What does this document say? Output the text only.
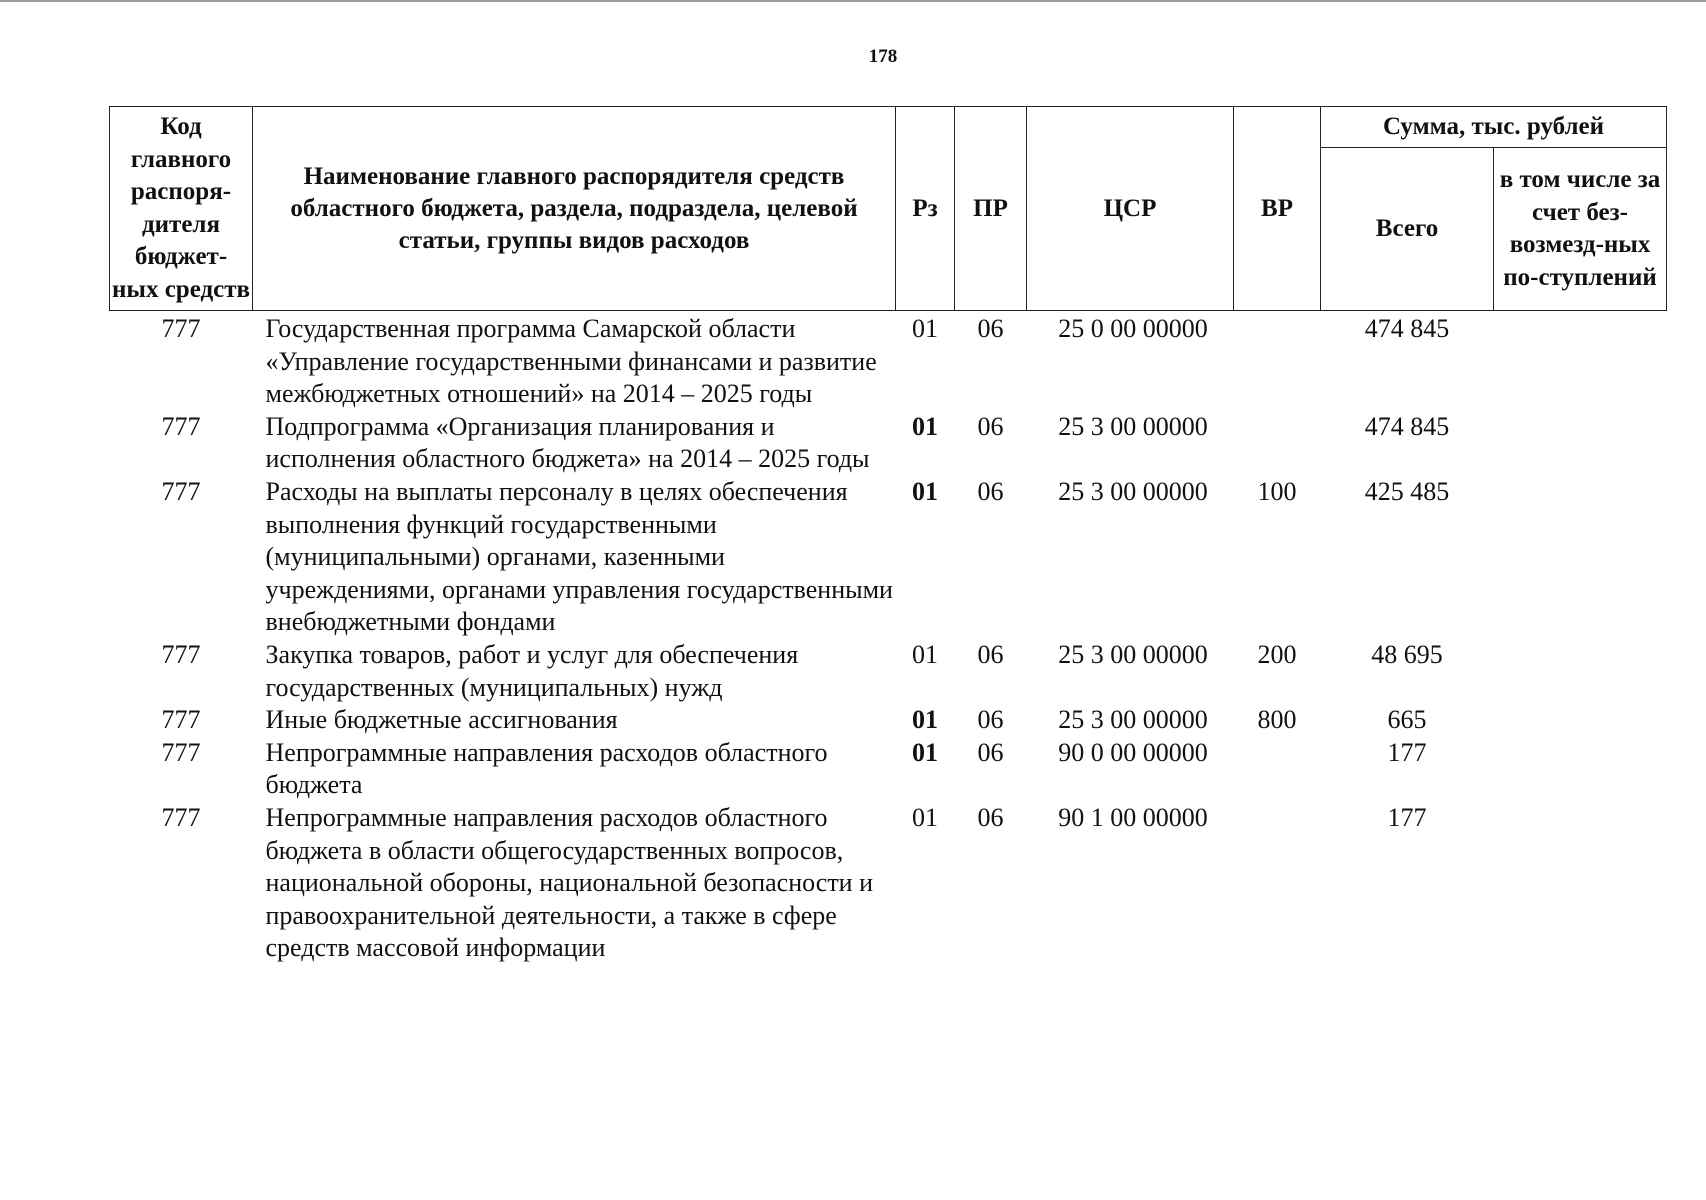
178
Код главного распоря-дителя бюджет-ных средств	Наименование главного распорядителя средств областного бюджета, раздела, подраздела, целевой статьи, группы видов расходов	Рз	ПР	ЦСР	ВР	Сумма, тыс. рублей	
						Всего	в том числе за счет без-возмезд-ных по-ступлений
777	Государственная программа Самарской области «Управление государственными финансами и развитие межбюджетных отношений» на 2014 – 2025 годы	01	06	25 0 00 00000		474 845	
777	Подпрограмма «Организация планирования и исполнения областного бюджета» на 2014 – 2025 годы	01	06	25 3 00 00000		474 845	
777	Расходы на выплаты персоналу в целях обеспечения выполнения функций государственными (муниципальными) органами, казенными учреждениями, органами управления государственными внебюджетными фондами	01	06	25 3 00 00000	100	425 485	
777	Закупка товаров, работ и услуг для обеспечения государственных (муниципальных) нужд	01	06	25 3 00 00000	200	48 695	
777	Иные бюджетные ассигнования	01	06	25 3 00 00000	800	665	
777	Непрограммные направления расходов областного бюджета	01	06	90 0 00 00000		177	
777	Непрограммные направления расходов областного бюджета в области общегосударственных вопросов, национальной обороны, национальной безопасности и правоохранительной деятельности, а также в сфере средств массовой информации	01	06	90 1 00 00000		177	
